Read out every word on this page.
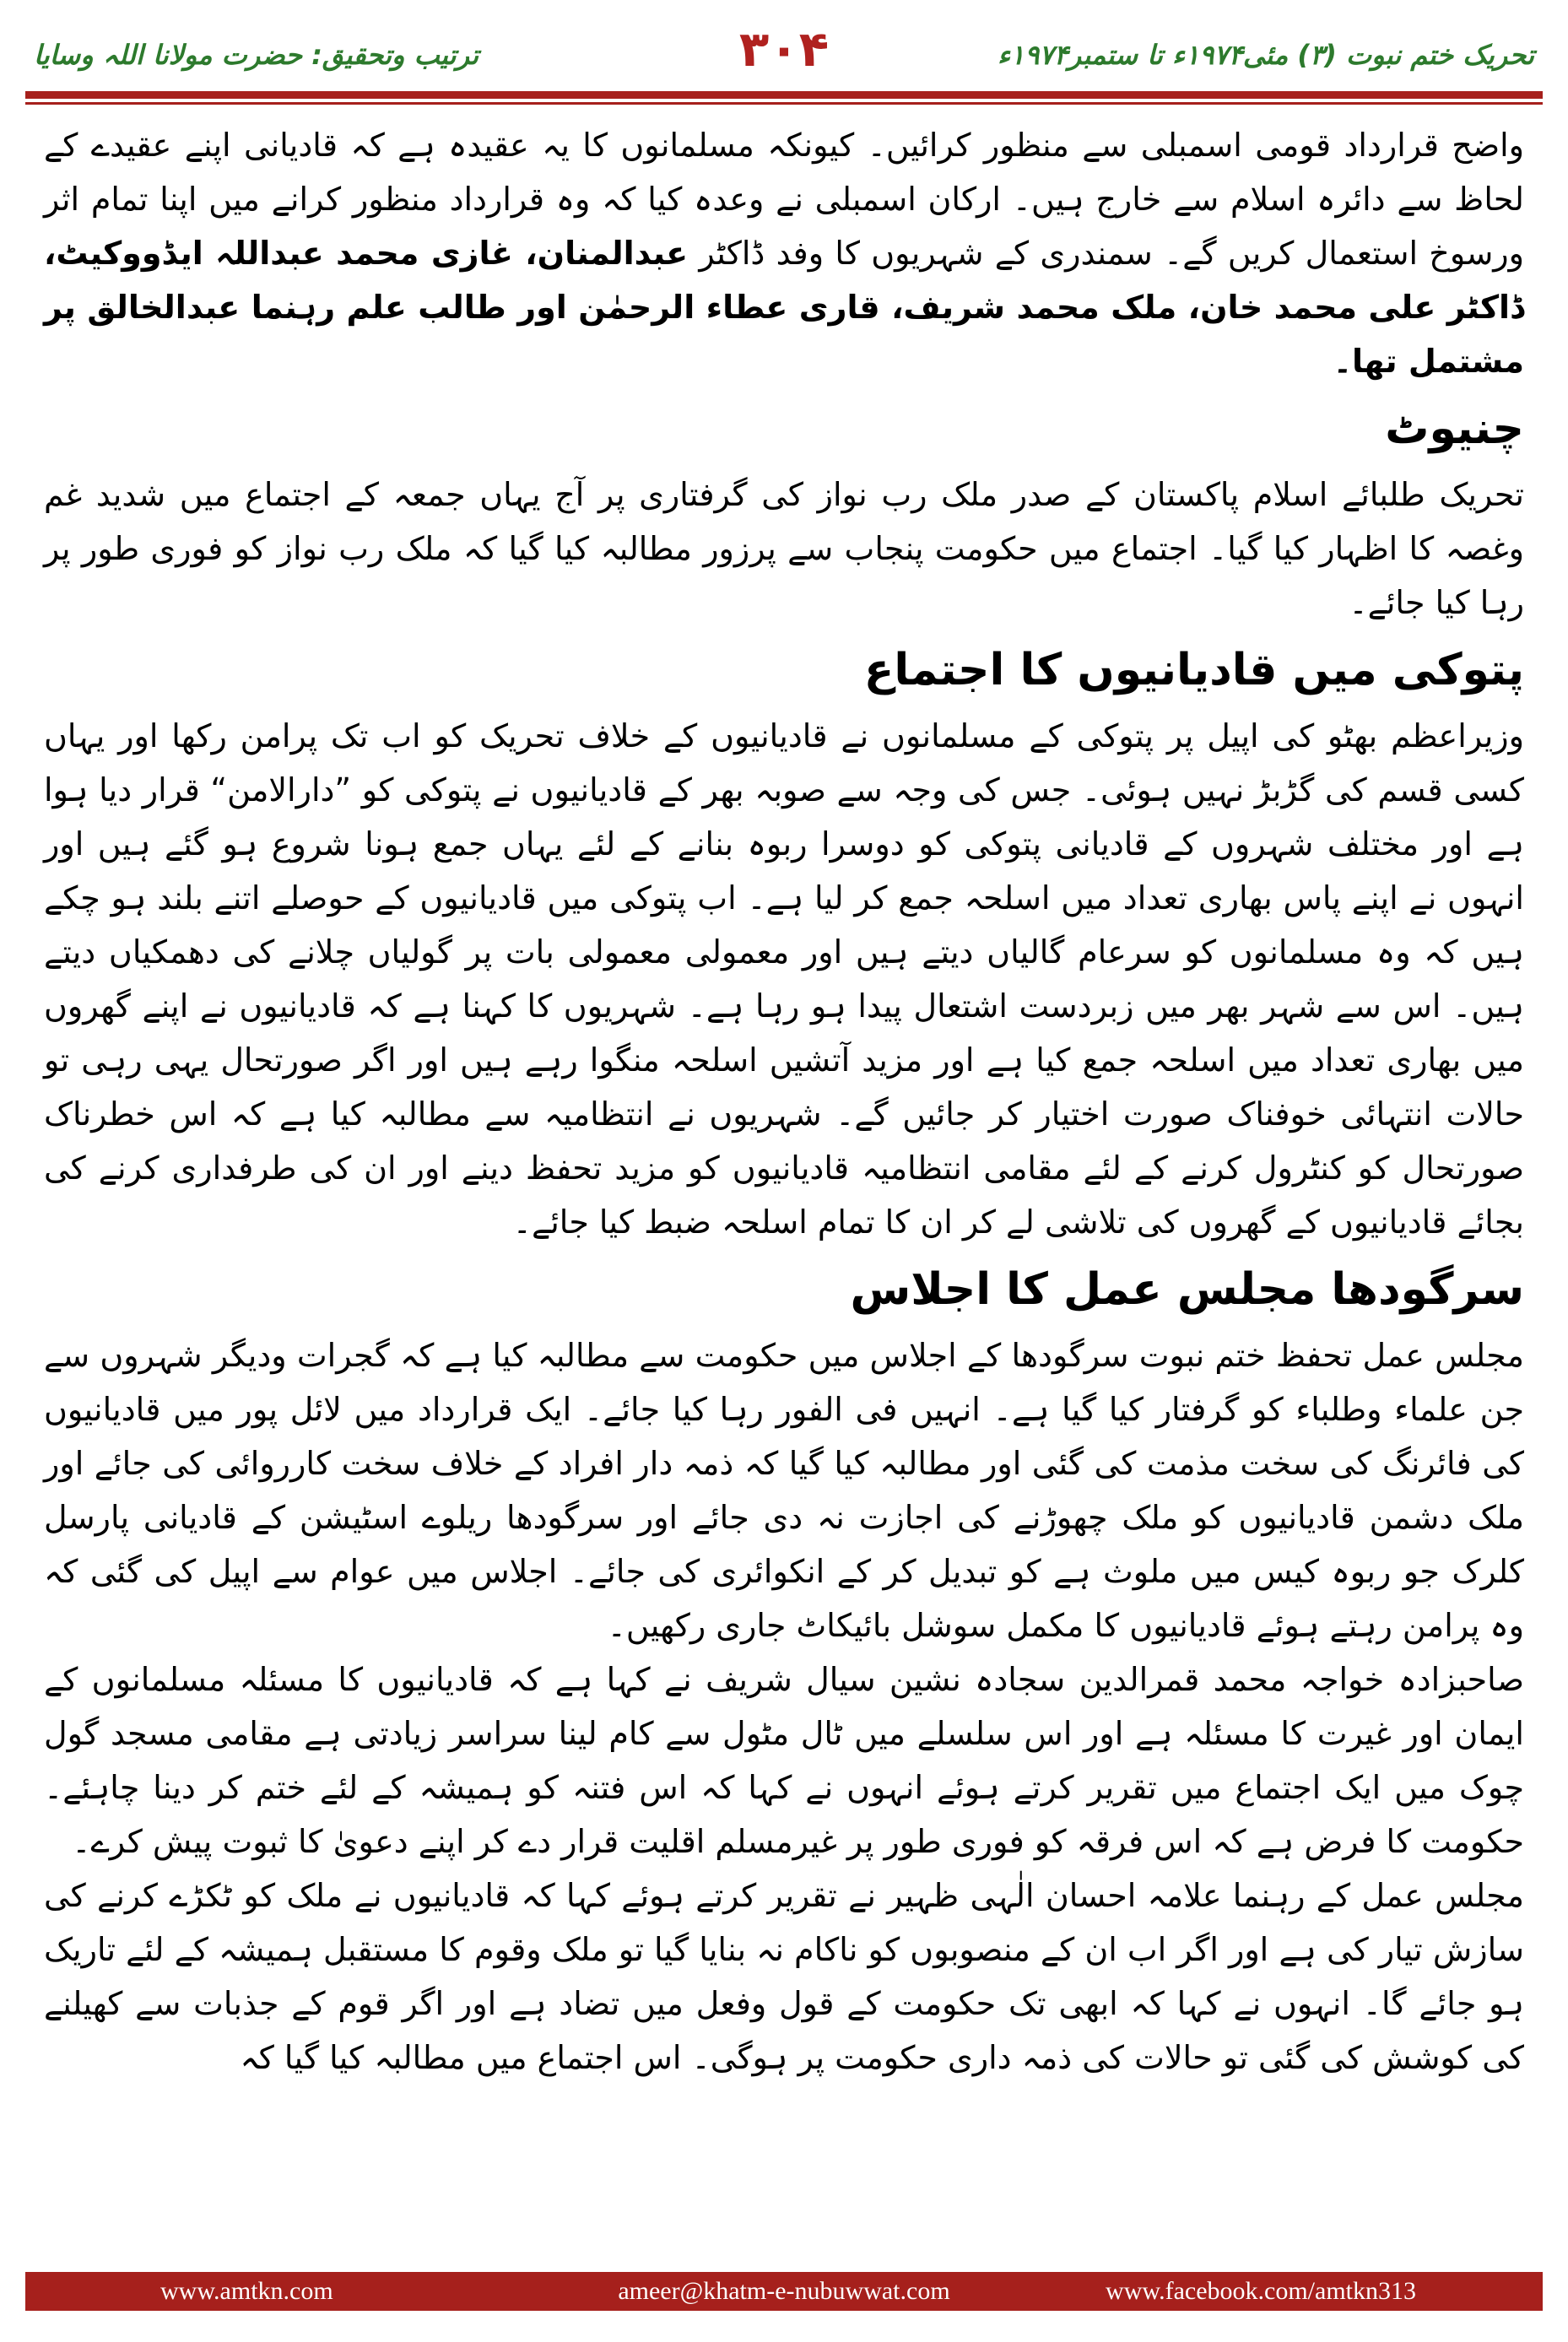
تحریک ختم نبوت (۳) مئی۱۹۷۴ء تا ستمبر۱۹۷۴ء
۳۰۴
ترتیب وتحقیق: حضرت مولانا اللہ وسایا

واضح قرارداد قومی اسمبلی سے منظور کرائیں۔ کیونکہ مسلمانوں کا یہ عقیدہ ہے کہ قادیانی اپنے عقیدے کے لحاظ سے دائرہ اسلام سے خارج ہیں۔ ارکان اسمبلی نے وعدہ کیا کہ وہ قرارداد منظور کرانے میں اپنا تمام اثر ورسوخ استعمال کریں گے۔ سمندری کے شہریوں کا وفد ڈاکٹر عبدالمنان، غازی محمد عبداللہ ایڈووکیٹ، ڈاکٹر علی محمد خان، ملک محمد شریف، قاری عطاء الرحمٰن اور طالب علم رہنما عبدالخالق پر مشتمل تھا۔

چنیوٹ

تحریک طلبائے اسلام پاکستان کے صدر ملک رب نواز کی گرفتاری پر آج یہاں جمعہ کے اجتماع میں شدید غم وغصہ کا اظہار کیا گیا۔ اجتماع میں حکومت پنجاب سے پرزور مطالبہ کیا گیا کہ ملک رب نواز کو فوری طور پر رہا کیا جائے۔

پتوکی میں قادیانیوں کا اجتماع

وزیراعظم بھٹو کی اپیل پر پتوکی کے مسلمانوں نے قادیانیوں کے خلاف تحریک کو اب تک پرامن رکھا اور یہاں کسی قسم کی گڑبڑ نہیں ہوئی۔ جس کی وجہ سے صوبہ بھر کے قادیانیوں نے پتوکی کو ”دارالامن“ قرار دیا ہوا ہے اور مختلف شہروں کے قادیانی پتوکی کو دوسرا ربوہ بنانے کے لئے یہاں جمع ہونا شروع ہو گئے ہیں اور انہوں نے اپنے پاس بھاری تعداد میں اسلحہ جمع کر لیا ہے۔ اب پتوکی میں قادیانیوں کے حوصلے اتنے بلند ہو چکے ہیں کہ وہ مسلمانوں کو سرعام گالیاں دیتے ہیں اور معمولی معمولی بات پر گولیاں چلانے کی دھمکیاں دیتے ہیں۔ اس سے شہر بھر میں زبردست اشتعال پیدا ہو رہا ہے۔ شہریوں کا کہنا ہے کہ قادیانیوں نے اپنے گھروں میں بھاری تعداد میں اسلحہ جمع کیا ہے اور مزید آتشیں اسلحہ منگوا رہے ہیں اور اگر صورتحال یہی رہی تو حالات انتہائی خوفناک صورت اختیار کر جائیں گے۔ شہریوں نے انتظامیہ سے مطالبہ کیا ہے کہ اس خطرناک صورتحال کو کنٹرول کرنے کے لئے مقامی انتظامیہ قادیانیوں کو مزید تحفظ دینے اور ان کی طرفداری کرنے کی بجائے قادیانیوں کے گھروں کی تلاشی لے کر ان کا تمام اسلحہ ضبط کیا جائے۔

سرگودھا مجلس عمل کا اجلاس

مجلس عمل تحفظ ختم نبوت سرگودھا کے اجلاس میں حکومت سے مطالبہ کیا ہے کہ گجرات ودیگر شہروں سے جن علماء وطلباء کو گرفتار کیا گیا ہے۔ انہیں فی الفور رہا کیا جائے۔ ایک قرارداد میں لائل پور میں قادیانیوں کی فائرنگ کی سخت مذمت کی گئی اور مطالبہ کیا گیا کہ ذمہ دار افراد کے خلاف سخت کارروائی کی جائے اور ملک دشمن قادیانیوں کو ملک چھوڑنے کی اجازت نہ دی جائے اور سرگودھا ریلوے اسٹیشن کے قادیانی پارسل کلرک جو ربوہ کیس میں ملوث ہے کو تبدیل کر کے انکوائری کی جائے۔ اجلاس میں عوام سے اپیل کی گئی کہ وہ پرامن رہتے ہوئے قادیانیوں کا مکمل سوشل بائیکاٹ جاری رکھیں۔

صاحبزادہ خواجہ محمد قمرالدین سجادہ نشین سیال شریف نے کہا ہے کہ قادیانیوں کا مسئلہ مسلمانوں کے ایمان اور غیرت کا مسئلہ ہے اور اس سلسلے میں ٹال مٹول سے کام لینا سراسر زیادتی ہے مقامی مسجد گول چوک میں ایک اجتماع میں تقریر کرتے ہوئے انہوں نے کہا کہ اس فتنہ کو ہمیشہ کے لئے ختم کر دینا چاہئے۔ حکومت کا فرض ہے کہ اس فرقہ کو فوری طور پر غیرمسلم اقلیت قرار دے کر اپنے دعویٰ کا ثبوت پیش کرے۔

مجلس عمل کے رہنما علامہ احسان الٰہی ظہیر نے تقریر کرتے ہوئے کہا کہ قادیانیوں نے ملک کو ٹکڑے کرنے کی سازش تیار کی ہے اور اگر اب ان کے منصوبوں کو ناکام نہ بنایا گیا تو ملک وقوم کا مستقبل ہمیشہ کے لئے تاریک ہو جائے گا۔ انہوں نے کہا کہ ابھی تک حکومت کے قول وفعل میں تضاد ہے اور اگر قوم کے جذبات سے کھیلنے کی کوشش کی گئی تو حالات کی ذمہ داری حکومت پر ہوگی۔ اس اجتماع میں مطالبہ کیا گیا کہ

www.amtkn.com	ameer@khatm-e-nubuwwat.com	www.facebook.com/amtkn313
